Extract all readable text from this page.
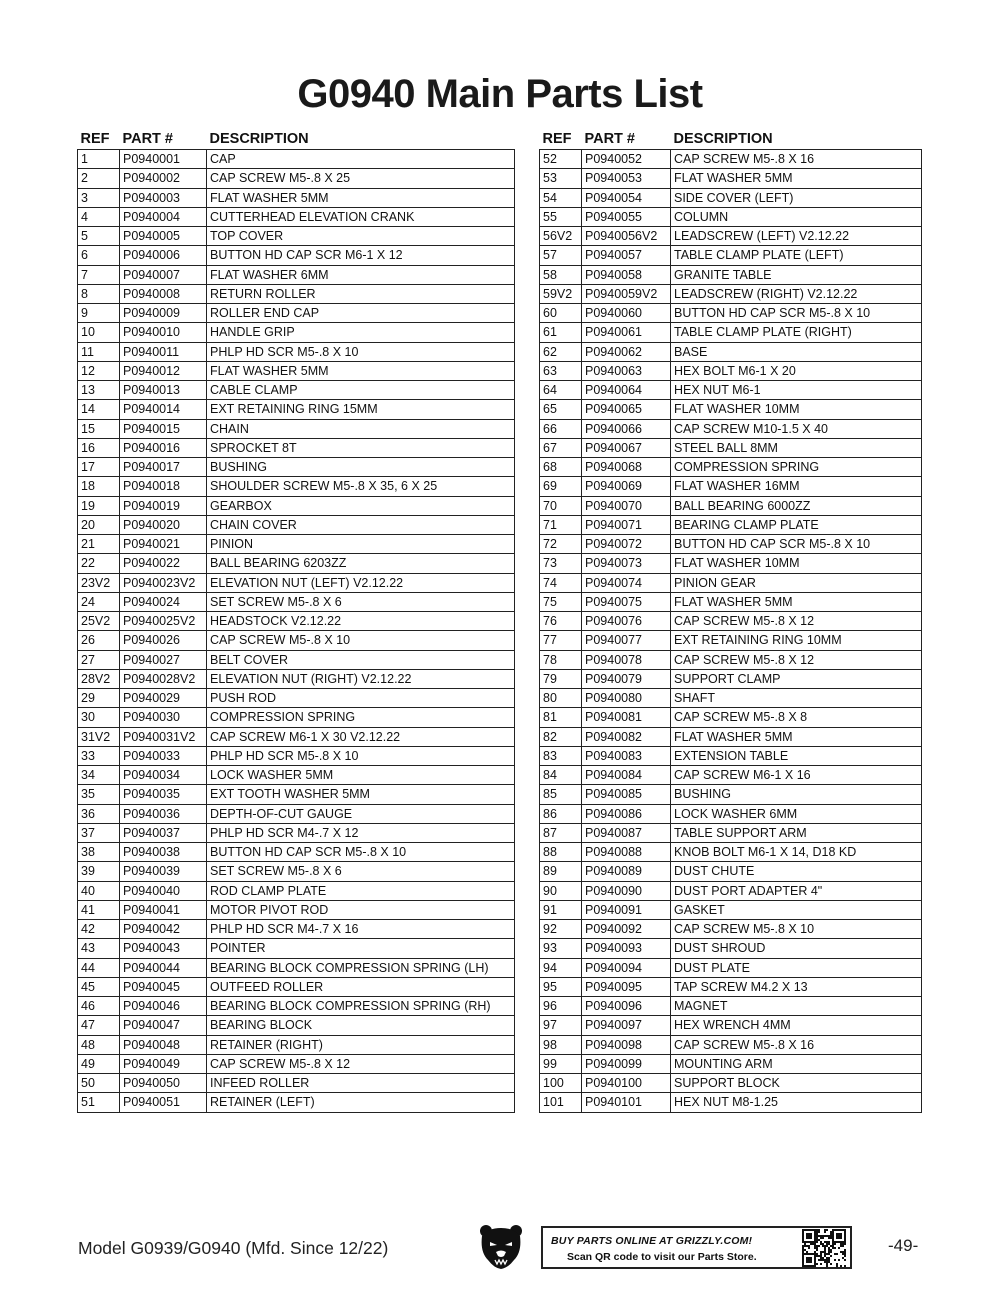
G0940 Main Parts List
REF	PART #	DESCRIPTION
1	P0940001	CAP
2	P0940002	CAP SCREW M5-.8 X 25
3	P0940003	FLAT WASHER 5MM
4	P0940004	CUTTERHEAD ELEVATION CRANK
5	P0940005	TOP COVER
6	P0940006	BUTTON HD CAP SCR M6-1 X 12
7	P0940007	FLAT WASHER 6MM
8	P0940008	RETURN ROLLER
9	P0940009	ROLLER END CAP
10	P0940010	HANDLE GRIP
11	P0940011	PHLP HD SCR M5-.8 X 10
12	P0940012	FLAT WASHER 5MM
13	P0940013	CABLE CLAMP
14	P0940014	EXT RETAINING RING 15MM
15	P0940015	CHAIN
16	P0940016	SPROCKET 8T
17	P0940017	BUSHING
18	P0940018	SHOULDER SCREW M5-.8 X 35, 6 X 25
19	P0940019	GEARBOX
20	P0940020	CHAIN COVER
21	P0940021	PINION
22	P0940022	BALL BEARING 6203ZZ
23V2	P0940023V2	ELEVATION NUT (LEFT) V2.12.22
24	P0940024	SET SCREW M5-.8 X 6
25V2	P0940025V2	HEADSTOCK V2.12.22
26	P0940026	CAP SCREW M5-.8 X 10
27	P0940027	BELT COVER
28V2	P0940028V2	ELEVATION NUT (RIGHT) V2.12.22
29	P0940029	PUSH ROD
30	P0940030	COMPRESSION SPRING
31V2	P0940031V2	CAP SCREW M6-1 X 30 V2.12.22
33	P0940033	PHLP HD SCR M5-.8 X 10
34	P0940034	LOCK WASHER 5MM
35	P0940035	EXT TOOTH WASHER 5MM
36	P0940036	DEPTH-OF-CUT GAUGE
37	P0940037	PHLP HD SCR M4-.7 X 12
38	P0940038	BUTTON HD CAP SCR M5-.8 X 10
39	P0940039	SET SCREW M5-.8 X 6
40	P0940040	ROD CLAMP PLATE
41	P0940041	MOTOR PIVOT ROD
42	P0940042	PHLP HD SCR M4-.7 X 16
43	P0940043	POINTER
44	P0940044	BEARING BLOCK COMPRESSION SPRING (LH)
45	P0940045	OUTFEED ROLLER
46	P0940046	BEARING BLOCK COMPRESSION SPRING (RH)
47	P0940047	BEARING BLOCK
48	P0940048	RETAINER (RIGHT)
49	P0940049	CAP SCREW M5-.8 X 12
50	P0940050	INFEED ROLLER
51	P0940051	RETAINER (LEFT)
REF	PART #	DESCRIPTION
52	P0940052	CAP SCREW M5-.8 X 16
53	P0940053	FLAT WASHER 5MM
54	P0940054	SIDE COVER (LEFT)
55	P0940055	COLUMN
56V2	P0940056V2	LEADSCREW (LEFT) V2.12.22
57	P0940057	TABLE CLAMP PLATE (LEFT)
58	P0940058	GRANITE TABLE
59V2	P0940059V2	LEADSCREW (RIGHT) V2.12.22
60	P0940060	BUTTON HD CAP SCR M5-.8 X 10
61	P0940061	TABLE CLAMP PLATE (RIGHT)
62	P0940062	BASE
63	P0940063	HEX BOLT M6-1 X 20
64	P0940064	HEX NUT M6-1
65	P0940065	FLAT WASHER 10MM
66	P0940066	CAP SCREW M10-1.5 X 40
67	P0940067	STEEL BALL 8MM
68	P0940068	COMPRESSION SPRING
69	P0940069	FLAT WASHER 16MM
70	P0940070	BALL BEARING 6000ZZ
71	P0940071	BEARING CLAMP PLATE
72	P0940072	BUTTON HD CAP SCR M5-.8 X 10
73	P0940073	FLAT WASHER 10MM
74	P0940074	PINION GEAR
75	P0940075	FLAT WASHER 5MM
76	P0940076	CAP SCREW M5-.8 X 12
77	P0940077	EXT RETAINING RING 10MM
78	P0940078	CAP SCREW M5-.8 X 12
79	P0940079	SUPPORT CLAMP
80	P0940080	SHAFT
81	P0940081	CAP SCREW M5-.8 X 8
82	P0940082	FLAT WASHER 5MM
83	P0940083	EXTENSION TABLE
84	P0940084	CAP SCREW M6-1 X 16
85	P0940085	BUSHING
86	P0940086	LOCK WASHER 6MM
87	P0940087	TABLE SUPPORT ARM
88	P0940088	KNOB BOLT M6-1 X 14, D18 KD
89	P0940089	DUST CHUTE
90	P0940090	DUST PORT ADAPTER 4"
91	P0940091	GASKET
92	P0940092	CAP SCREW M5-.8 X 10
93	P0940093	DUST SHROUD
94	P0940094	DUST PLATE
95	P0940095	TAP SCREW M4.2 X 13
96	P0940096	MAGNET
97	P0940097	HEX WRENCH 4MM
98	P0940098	CAP SCREW M5-.8 X 16
99	P0940099	MOUNTING ARM
100	P0940100	SUPPORT BLOCK
101	P0940101	HEX NUT M8-1.25
Model G0939/G0940 (Mfd. Since 12/22)	BUY PARTS ONLINE AT GRIZZLY.COM!
Scan QR code to visit our Parts Store.
-49-
